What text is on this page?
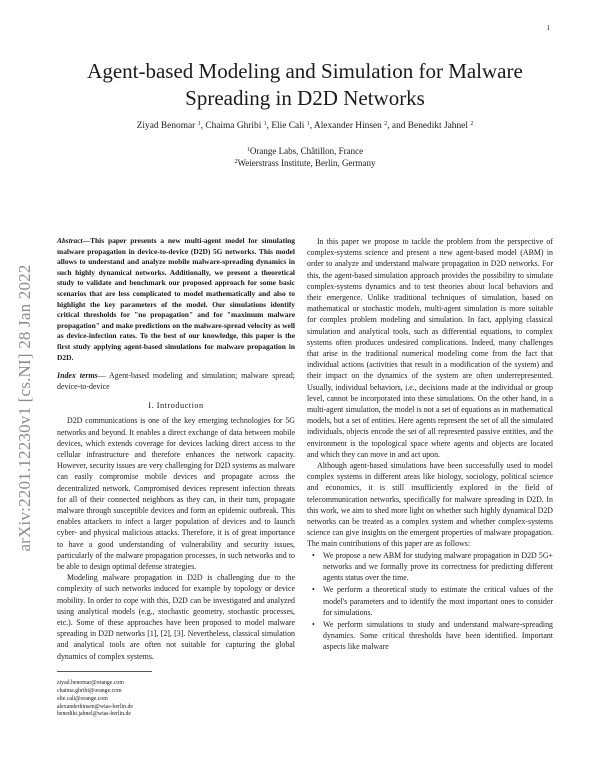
1
arXiv:2201.12230v1 [cs.NI] 28 Jan 2022
Agent-based Modeling and Simulation for Malware
Spreading in D2D Networks
Ziyad Benomar $^1$, Chaima Ghribi $^1$, Elie Cali $^1$, Alexander Hinsen $^2$, and Benedikt Jahnel $^2$
$^1$Orange Labs, Châtillon, France
$^2$Weierstrass Institute, Berlin, Germany

Abstract—This paper presents a new multi-agent model for simulating malware propagation in device-to-device (D2D) 5G networks. This model allows to understand and analyze mobile malware-spreading dynamics in such highly dynamical networks. Additionally, we present a theoretical study to validate and benchmark our proposed approach for some basic scenarios that are less complicated to model mathematically and also to highlight the key parameters of the model. Our simulations identify critical thresholds for "no propagation" and for "maximum malware propagation" and make predictions on the malware-spread velocity as well as device-infection rates. To the best of our knowledge, this paper is the first study applying agent-based simulations for malware propagation in D2D.

Index terms— Agent-based modeling and simulation; malware spread; device-to-device

I. Introduction

D2D communications is one of the key emerging technologies for 5G networks and beyond. It enables a direct exchange of data between mobile devices, which extends coverage for devices lacking direct access to the cellular infrastructure and therefore enhances the network capacity. However, security issues are very challenging for D2D systems as malware can easily compromise mobile devices and propagate across the decentralized network. Compromised devices represent infection threats for all of their connected neighbors as they can, in their turn, propagate malware through susceptible devices and form an epidemic outbreak. This enables attackers to infect a larger population of devices and to launch cyber- and physical malicious attacks. Therefore, it is of great importance to have a good understanding of vulnerability and security issues, particularly of the malware propagation processes, in such networks and to be able to design optimal defense strategies.

Modeling malware propagation in D2D is challenging due to the complexity of such networks induced for example by topology or device mobility. In order to cope with this, D2D can be investigated and analyzed using analytical models (e.g., stochastic geometry, stochastic processes, etc.). Some of these approaches have been proposed to model malware spreading in D2D networks [1], [2], [3]. Nevertheless, classical simulation and analytical tools are often not suitable for capturing the global dynamics of complex systems.

ziyad.benomar@orange.com
chaima.ghribi@orange.com
elie.cali@orange.com
alexanderhinsen@wias-berlin.de
benedikt.jahnel@wias-berlin.de

In this paper we propose to tackle the problem from the perspective of complex-systems science and present a new agent-based model (ABM) in order to analyze and understand malware propagation in D2D networks. For this, the agent-based simulation approach provides the possibility to simulate complex-systems dynamics and to test theories about local behaviors and their emergence. Unlike traditional techniques of simulation, based on mathematical or stochastic models, multi-agent simulation is more suitable for complex problem modeling and simulation. In fact, applying classical simulation and analytical tools, such as differential equations, to complex systems often produces undesired complications. Indeed, many challenges that arise in the traditional numerical modeling come from the fact that individual actions (activities that result in a modification of the system) and their impact on the dynamics of the system are often underrepresented. Usually, individual behaviors, i.e., decisions made at the individual or group level, cannot be incorporated into these simulations. On the other hand, in a multi-agent simulation, the model is not a set of equations as in mathematical models, but a set of entities. Here agents represent the set of all the simulated individuals, objects encode the set of all represented passive entities, and the environment is the topological space where agents and objects are located and which they can move in and act upon.

Although agent-based simulations have been successfully used to model complex systems in different areas like biology, sociology, political science and economics, it is still insufficiently explored in the field of telecommunication networks, specifically for malware spreading in D2D. In this work, we aim to shed more light on whether such highly dynamical D2D networks can be treated as a complex system and whether complex-systems science can give insights on the emergent properties of malware propagation. The main contributions of this paper are as follows:

• We propose a new ABM for studying malware propagation in D2D 5G+ networks and we formally prove its correctness for predicting different agents status over the time.
• We perform a theoretical study to estimate the critical values of the model's parameters and to identify the most important ones to consider for simulations.
• We perform simulations to study and understand malware-spreading dynamics. Some critical thresholds have been identified. Important aspects like malware
